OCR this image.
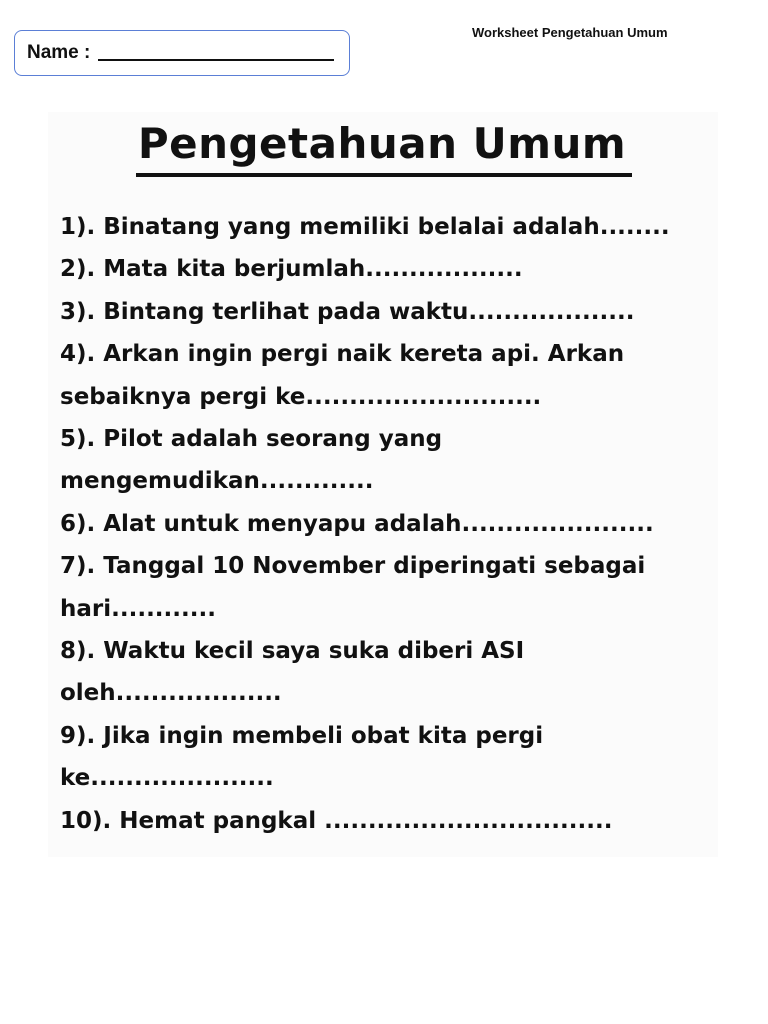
Name :
Worksheet Pengetahuan Umum
Pengetahuan Umum
1). Binatang yang memiliki belalai adalah........
2). Mata kita berjumlah..................
3). Bintang terlihat pada waktu...................
4). Arkan ingin pergi naik kereta api. Arkan sebaiknya pergi ke...........................
5). Pilot adalah seorang yang mengemudikan.............
6). Alat untuk menyapu adalah......................
7). Tanggal 10 November diperingati sebagai hari............
8). Waktu kecil saya suka diberi ASI oleh...................
9). Jika ingin membeli obat kita pergi ke.....................
10). Hemat pangkal .................................
